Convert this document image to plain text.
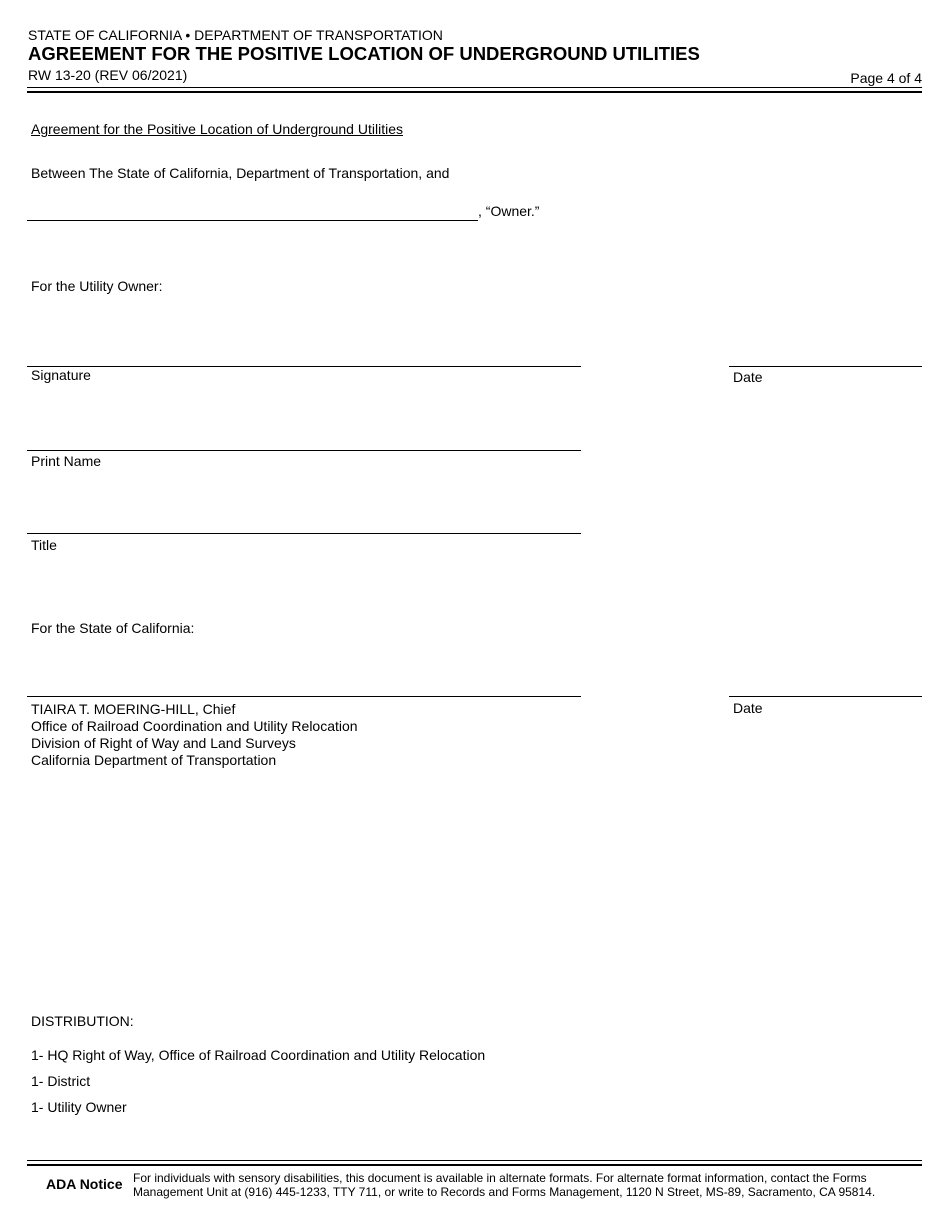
STATE OF CALIFORNIA • DEPARTMENT OF TRANSPORTATION
AGREEMENT FOR THE POSITIVE LOCATION OF UNDERGROUND UTILITIES
RW 13-20 (REV 06/2021)	Page 4 of 4
Agreement for the Positive Location of Underground Utilities
Between The State of California, Department of Transportation, and
, “Owner.”
For the Utility Owner:
Signature	Date
Print Name
Title
For the State of California:
Date
TIAIRA T. MOERING-HILL, Chief
Office of Railroad Coordination and Utility Relocation
Division of Right of Way and Land Surveys
California Department of Transportation
DISTRIBUTION:
1- HQ Right of Way, Office of Railroad Coordination and Utility Relocation
1- District
1- Utility Owner
ADA Notice For individuals with sensory disabilities, this document is available in alternate formats. For alternate format information, contact the Forms
Management Unit at (916) 445-1233, TTY 711, or write to Records and Forms Management, 1120 N Street, MS-89, Sacramento, CA 95814.
